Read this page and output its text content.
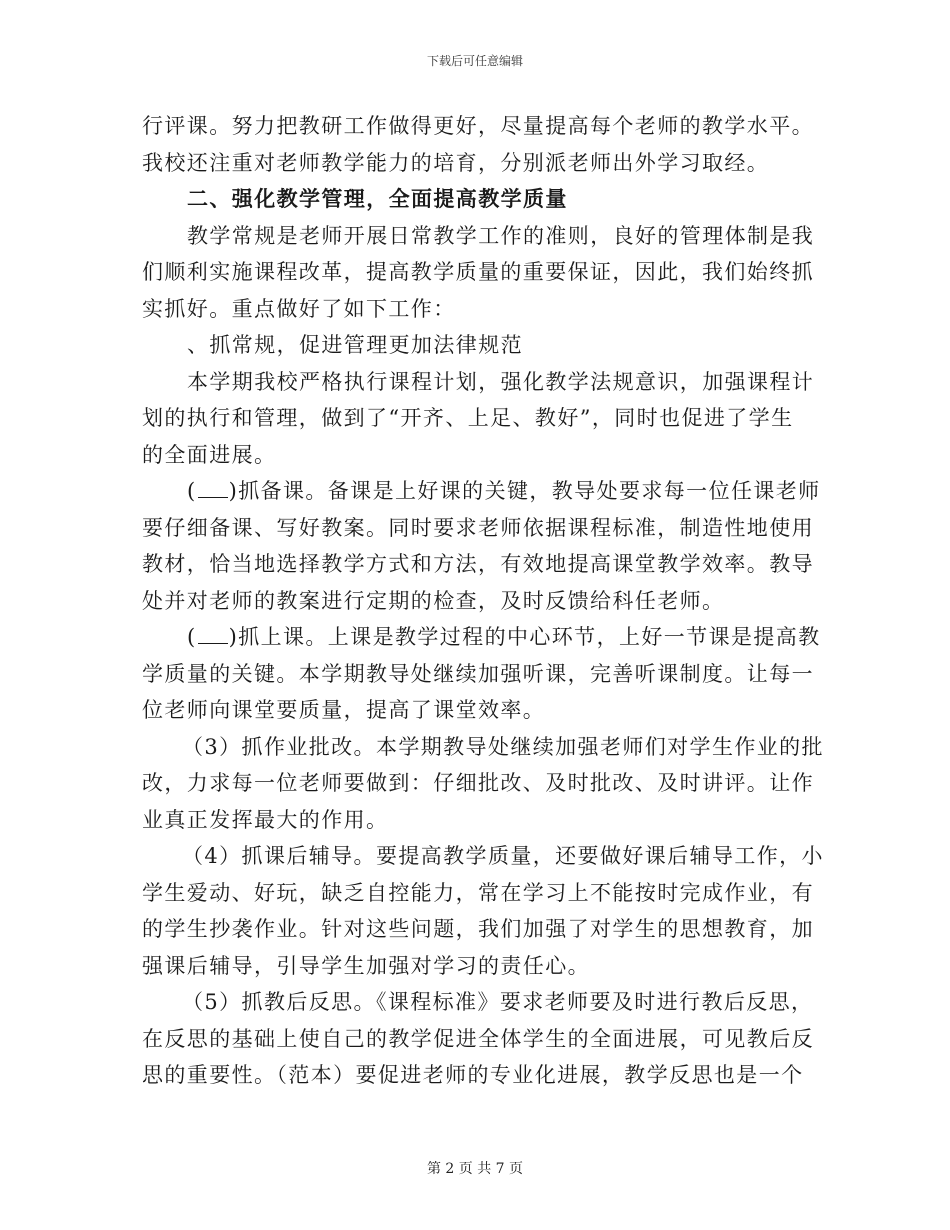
下载后可任意编辑
行评课。努力把教研工作做得更好，尽量提高每个老师的教学水平。
我校还注重对老师教学能力的培育，分别派老师出外学习取经。
二、强化教学管理，全面提高教学质量
教学常规是老师开展日常教学工作的准则，良好的管理体制是我
们顺利实施课程改革，提高教学质量的重要保证，因此，我们始终抓
实抓好。重点做好了如下工作：
、抓常规，促进管理更加法律规范
本学期我校严格执行课程计划，强化教学法规意识，加强课程计
划的执行和管理，做到了“开齐、上足、教好”，同时也促进了学生
的全面进展。
( )抓备课。备课是上好课的关键，教导处要求每一位任课老师
要仔细备课、写好教案。同时要求老师依据课程标准，制造性地使用
教材，恰当地选择教学方式和方法，有效地提高课堂教学效率。教导
处并对老师的教案进行定期的检查，及时反馈给科任老师。
( )抓上课。上课是教学过程的中心环节，上好一节课是提高教
学质量的关键。本学期教导处继续加强听课，完善听课制度。让每一
位老师向课堂要质量，提高了课堂效率。
（3）抓作业批改。本学期教导处继续加强老师们对学生作业的批
改，力求每一位老师要做到：仔细批改、及时批改、及时讲评。让作
业真正发挥最大的作用。
（4）抓课后辅导。要提高教学质量，还要做好课后辅导工作，小
学生爱动、好玩，缺乏自控能力，常在学习上不能按时完成作业，有
的学生抄袭作业。针对这些问题，我们加强了对学生的思想教育，加
强课后辅导，引导学生加强对学习的责任心。
（5）抓教后反思。《课程标准》要求老师要及时进行教后反思，
在反思的基础上使自己的教学促进全体学生的全面进展，可见教后反
思的重要性。（范本）要促进老师的专业化进展，教学反思也是一个
第 2 页 共 7 页
